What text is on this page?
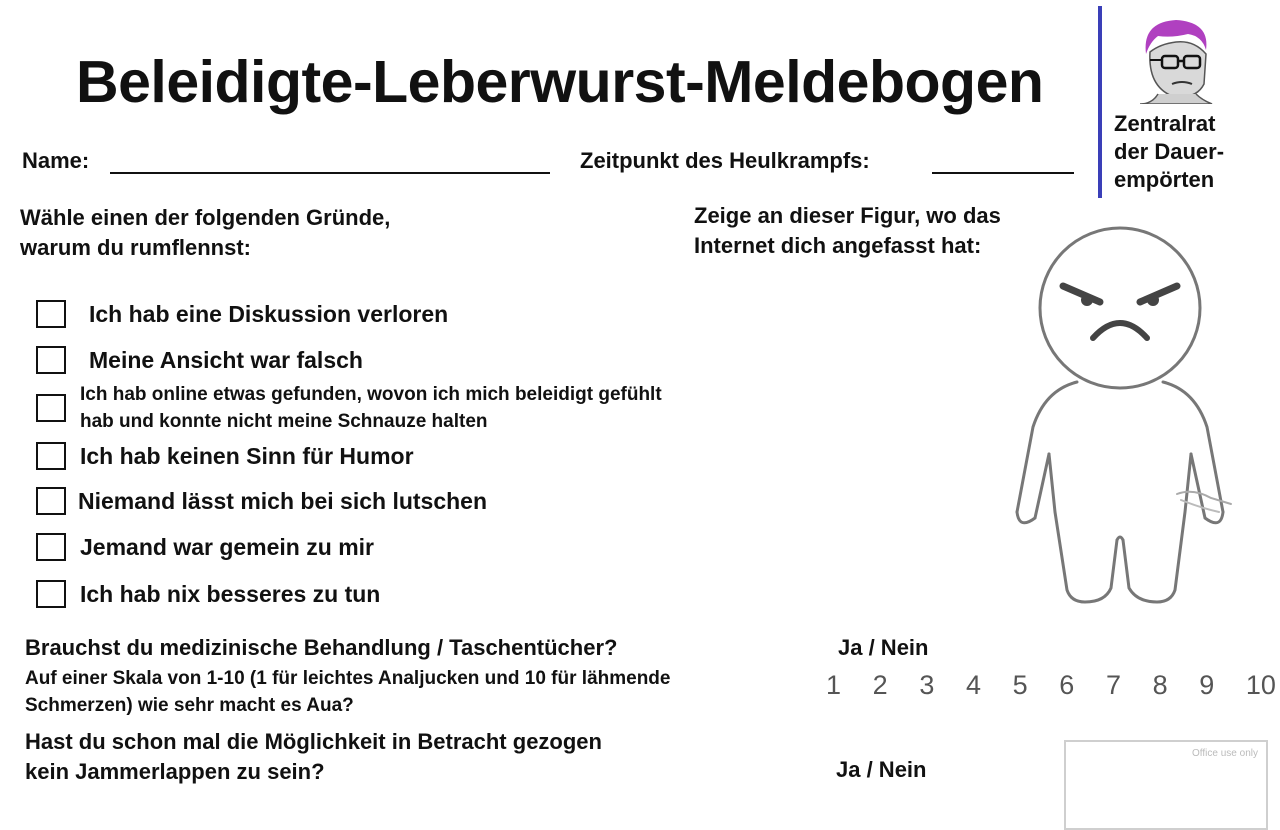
Beleidigte-Leberwurst-Meldebogen
Zentralrat
der Dauer-
empörten
Name:	Zeitpunkt des Heulkrampfs:
Wähle einen der folgenden Gründe,
warum du rumflennst:
Zeige an dieser Figur, wo das
Internet dich angefasst hat:
Ich hab eine Diskussion verloren
Meine Ansicht war falsch
Ich hab online etwas gefunden, wovon ich mich beleidigt gefühlt
hab und konnte nicht meine Schnauze halten
Ich hab keinen Sinn für Humor
Niemand lässt mich bei sich lutschen
Jemand war gemein zu mir
Ich hab nix besseres zu tun
Brauchst du medizinische Behandlung / Taschentücher?	Ja / Nein
Auf einer Skala von 1-10 (1 für leichtes Analjucken und 10 für lähmende
Schmerzen) wie sehr macht es Aua?
1 2 3 4 5 6 7 8 9 10
Hast du schon mal die Möglichkeit in Betracht gezogen
kein Jammerlappen zu sein?	Ja / Nein
Office use only
